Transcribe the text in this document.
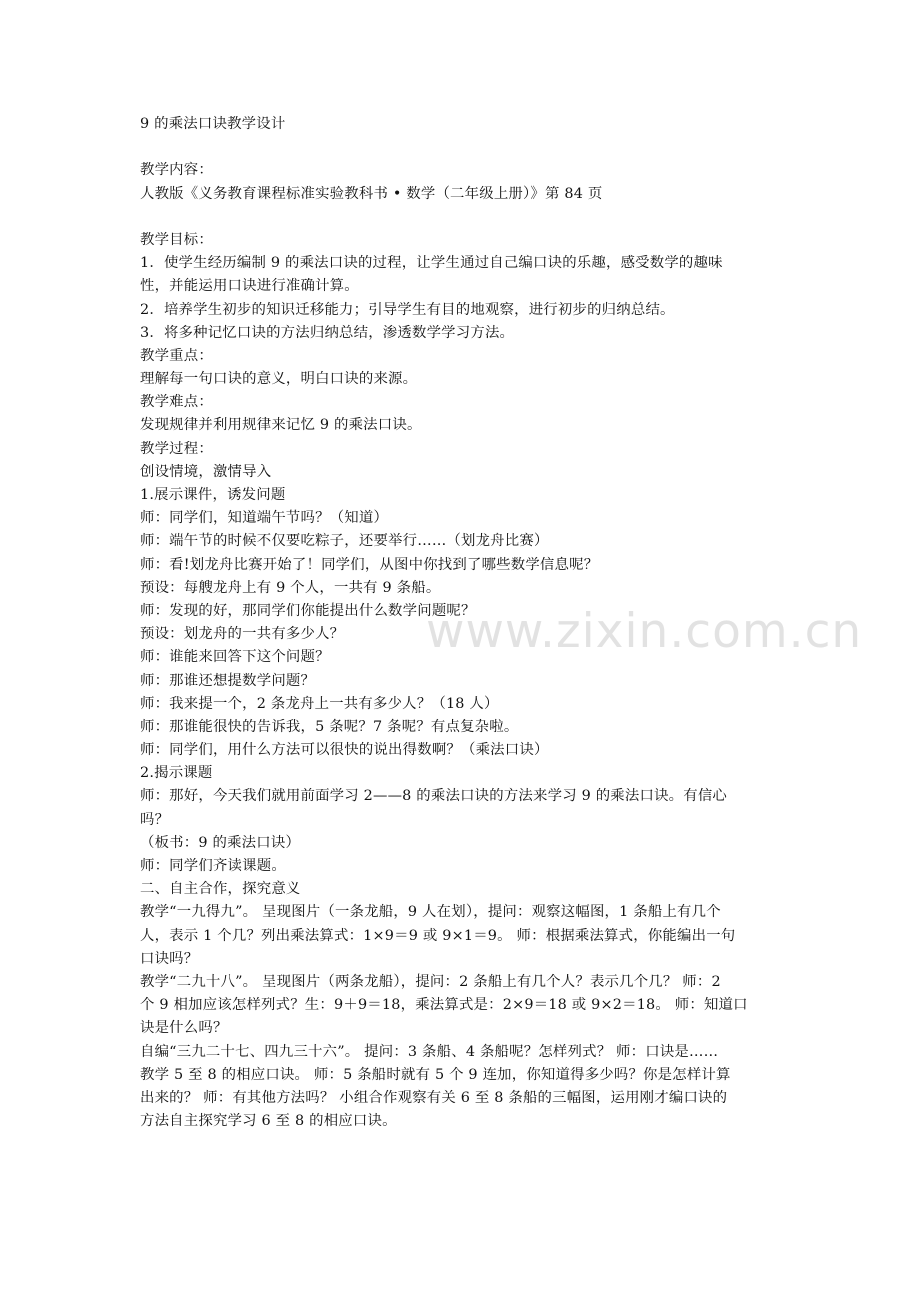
9 的乘法口诀教学设计
教学内容：
人教版《义务教育课程标准实验教科书 • 数学（二年级上册）》第 84 页
教学目标：
1．使学生经历编制 9 的乘法口诀的过程，让学生通过自己编口诀的乐趣，感受数学的趣味
性，并能运用口诀进行准确计算。
2．培养学生初步的知识迁移能力；引导学生有目的地观察，进行初步的归纳总结。
3．将多种记忆口诀的方法归纳总结，渗透数学学习方法。
教学重点：
理解每一句口诀的意义，明白口诀的来源。
教学难点：
发现规律并利用规律来记忆 9 的乘法口诀。
教学过程：
创设情境，激情导入
1.展示课件，诱发问题
师：同学们，知道端午节吗？（知道）
师：端午节的时候不仅要吃粽子，还要举行……（划龙舟比赛）
师：看!划龙舟比赛开始了！同学们，从图中你找到了哪些数学信息呢？
预设：每艘龙舟上有 9 个人，一共有 9 条船。
师：发现的好，那同学们你能提出什么数学问题呢？
预设：划龙舟的一共有多少人？
师：谁能来回答下这个问题？
师：那谁还想提数学问题？
师：我来提一个，2 条龙舟上一共有多少人？（18 人）
师：那谁能很快的告诉我，5 条呢？7 条呢？有点复杂啦。
师：同学们，用什么方法可以很快的说出得数啊？（乘法口诀）
2.揭示课题
师：那好，今天我们就用前面学习 2——8 的乘法口诀的方法来学习 9 的乘法口诀。有信心
吗？
（板书：9 的乘法口诀）
师：同学们齐读课题。
二、自主合作，探究意义
教学“一九得九”。 呈现图片（一条龙船，9 人在划），提问：观察这幅图，1 条船上有几个
人，表示 1 个几？列出乘法算式：1×9＝9 或 9×1＝9。 师：根据乘法算式，你能编出一句
口诀吗？
教学“二九十八”。 呈现图片（两条龙船），提问：2 条船上有几个人？表示几个几？ 师：2
个 9 相加应该怎样列式？生：9＋9＝18，乘法算式是：2×9＝18 或 9×2＝18。 师：知道口
诀是什么吗？
自编“三九二十七、四九三十六”。 提问：3 条船、4 条船呢？怎样列式？ 师：口诀是……
教学 5 至 8 的相应口诀。 师：5 条船时就有 5 个 9 连加，你知道得多少吗？你是怎样计算
出来的？ 师：有其他方法吗？ 小组合作观察有关 6 至 8 条船的三幅图，运用刚才编口诀的
方法自主探究学习 6 至 8 的相应口诀。
www.zixin.com.cn
